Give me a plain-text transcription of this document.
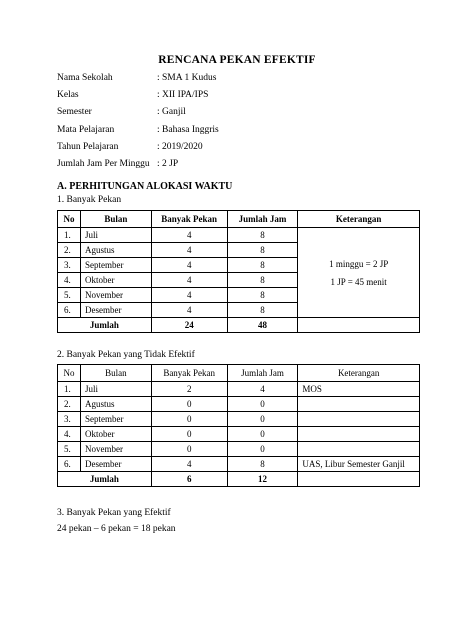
RENCANA PEKAN EFEKTIF
Nama Sekolah	: SMA 1 Kudus
Kelas	: XII IPA/IPS
Semester	: Ganjil
Mata Pelajaran	: Bahasa Inggris
Tahun Pelajaran	: 2019/2020
Jumlah Jam Per Minggu : 2 JP
A. PERHITUNGAN ALOKASI WAKTU
1. Banyak Pekan
No	Bulan	Banyak Pekan	Jumlah Jam	Keterangan
1.	Juli	4	8	1 minggu = 2 JP
1 JP = 45 menit

2.	Agustus	4	8	
3.	September	4	8	
4.	Oktober	4	8	
5.	November	4	8	
6.	Desember	4	8	
Jumlah		24	48	
2. Banyak Pekan yang Tidak Efektif
No	Bulan	Banyak Pekan	Jumlah Jam	Keterangan
1.	Juli	2	4	MOS
2.	Agustus	0	0	
3.	September	0	0	
4.	Oktober	0	0	
5.	November	0	0	
6.	Desember	4	8	UAS, Libur Semester Ganjil
Jumlah		6	12	
3. Banyak Pekan yang Efektif
24 pekan – 6 pekan = 18 pekan
